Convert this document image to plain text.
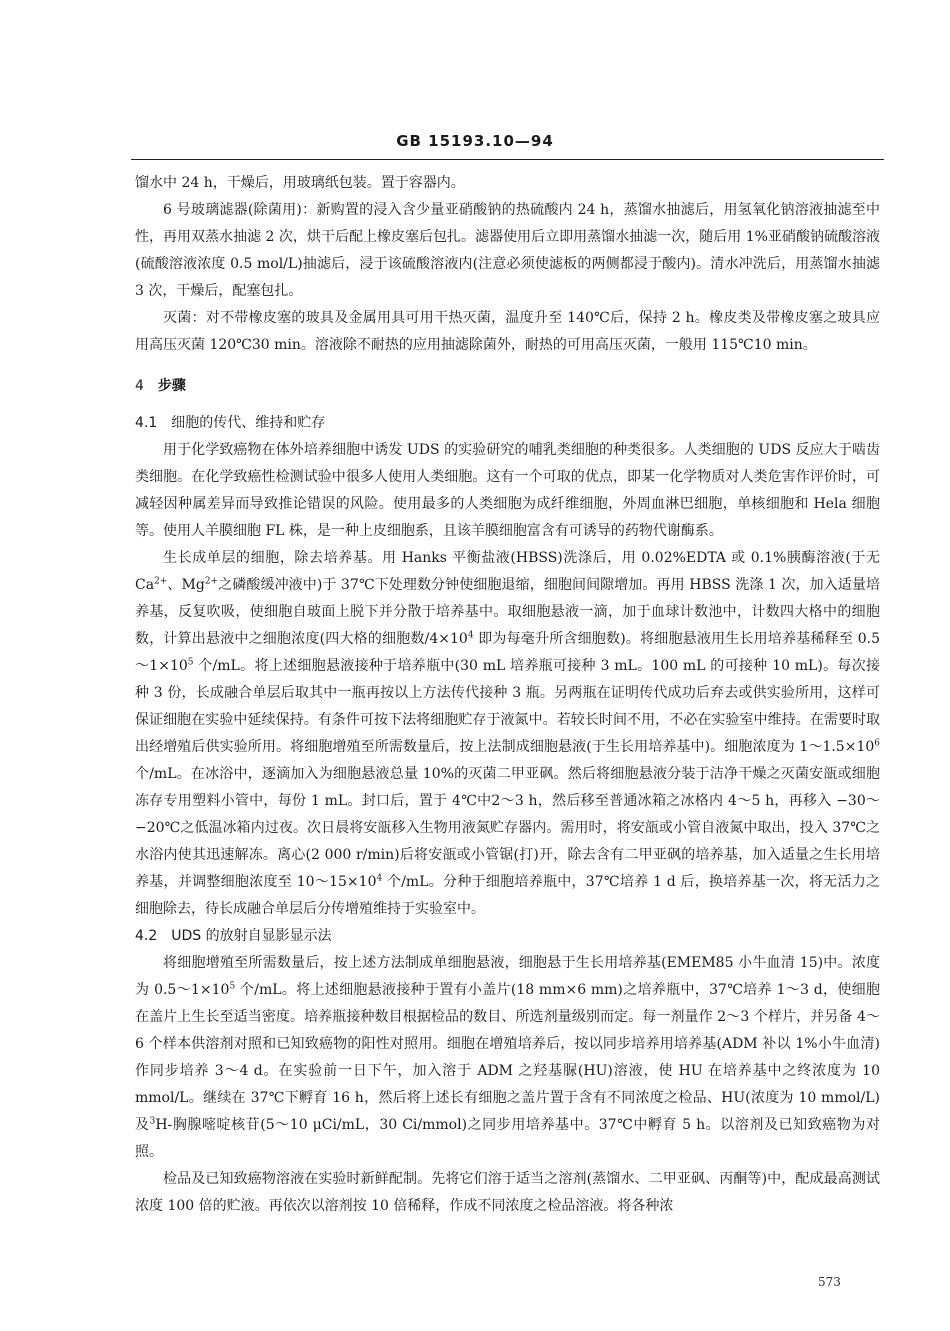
GB 15193.10—94

馏水中 24 h，干燥后，用玻璃纸包装。置于容器内。

6 号玻璃滤器(除菌用)：新购置的浸入含少量亚硝酸钠的热硫酸内 24 h，蒸馏水抽滤后，用氢氧化钠溶液抽滤至中性，再用双蒸水抽滤 2 次，烘干后配上橡皮塞后包扎。滤器使用后立即用蒸馏水抽滤一次，随后用 1%亚硝酸钠硫酸溶液(硫酸溶液浓度 0.5 mol/L)抽滤后，浸于该硫酸溶液内(注意必须使滤板的两侧都浸于酸内)。清水冲洗后，用蒸馏水抽滤 3 次，干燥后，配塞包扎。

灭菌：对不带橡皮塞的玻具及金属用具可用干热灭菌，温度升至 140℃后，保持 2 h。橡皮类及带橡皮塞之玻具应用高压灭菌 120℃30 min。溶液除不耐热的应用抽滤除菌外，耐热的可用高压灭菌，一般用 115℃10 min。

4 步骤

4.1 细胞的传代、维持和贮存

用于化学致癌物在体外培养细胞中诱发 UDS 的实验研究的哺乳类细胞的种类很多。人类细胞的 UDS 反应大于啮齿类细胞。在化学致癌性检测试验中很多人使用人类细胞。这有一个可取的优点，即某一化学物质对人类危害作评价时，可减轻因种属差异而导致推论错误的风险。使用最多的人类细胞为成纤维细胞，外周血淋巴细胞，单核细胞和 Hela 细胞等。使用人羊膜细胞 FL 株，是一种上皮细胞系，且该羊膜细胞富含有可诱导的药物代谢酶系。

生长成单层的细胞，除去培养基。用 Hanks 平衡盐液(HBSS)洗涤后，用 0.02%EDTA 或 0.1%胰酶溶液(于无 $Ca^{2+}$、$Mg^{2+}$之磷酸缓冲液中)于 37℃下处理数分钟使细胞退缩，细胞间间隙增加。再用 HBSS 洗涤 1 次，加入适量培养基，反复吹吸，使细胞自玻面上脱下并分散于培养基中。取细胞悬液一滴，加于血球计数池中，计数四大格中的细胞数，计算出悬液中之细胞浓度(四大格的细胞数$/4\times 10^4$ 即为每毫升所含细胞数)。将细胞悬液用生长用培养基稀释至 $0.5\sim 1\times 10^5$ 个/mL。将上述细胞悬液接种于培养瓶中(30 mL 培养瓶可接种 3 mL。100 mL 的可接种 10 mL)。每次接种 3 份，长成融合单层后取其中一瓶再按以上方法传代接种 3 瓶。另两瓶在证明传代成功后弃去或供实验所用，这样可保证细胞在实验中延续保持。有条件可按下法将细胞贮存于液氮中。若较长时间不用，不必在实验室中维持。在需要时取出经增殖后供实验所用。将细胞增殖至所需数量后，按上法制成细胞悬液(于生长用培养基中)。细胞浓度为 $1\sim 1.5\times 10^6$ 个/mL。在冰浴中，逐滴加入为细胞悬液总量 10%的灭菌二甲亚砜。然后将细胞悬液分装于洁净干燥之灭菌安瓿或细胞冻存专用塑料小管中，每份 1 mL。封口后，置于 4℃中2～3 h，然后移至普通冰箱之冰格内 4～5 h，再移入 −30～−20℃之低温冰箱内过夜。次日晨将安瓿移入生物用液氮贮存器内。需用时，将安瓿或小管自液氮中取出，投入 37℃之水浴内使其迅速解冻。离心(2 000 r/min)后将安瓿或小管锯(打)开，除去含有二甲亚砜的培养基，加入适量之生长用培养基，并调整细胞浓度至 $10\sim 15\times 10^4$ 个/mL。分种于细胞培养瓶中，37℃培养 1 d 后，换培养基一次，将无活力之细胞除去，待长成融合单层后分传增殖维持于实验室中。

4.2 UDS 的放射自显影显示法

将细胞增殖至所需数量后，按上述方法制成单细胞悬液，细胞悬于生长用培养基(EMEM85 小牛血清 15)中。浓度为 $0.5\sim 1\times 10^5$ 个/mL。将上述细胞悬液接种于置有小盖片(18 mm×6 mm)之培养瓶中，37℃培养 1～3 d，使细胞在盖片上生长至适当密度。培养瓶接种数目根据检品的数目、所选剂量级别而定。每一剂量作 2～3 个样片，并另备 4～6 个样本供溶剂对照和已知致癌物的阳性对照用。细胞在增殖培养后，按以同步培养用培养基(ADM 补以 1%小牛血清)作同步培养 3～4 d。在实验前一日下午，加入溶于 ADM 之羟基脲(HU)溶液，使 HU 在培养基中之终浓度为 10 mmol/L。继续在 37℃下孵育 16 h，然后将上述长有细胞之盖片置于含有不同浓度之检品、HU(浓度为 10 mmol/L)及$^3$H-胸腺嘧啶核苷(5～10 μCi/mL，30 Ci/mmol)之同步用培养基中。37℃中孵育 5 h。以溶剂及已知致癌物为对照。

检品及已知致癌物溶液在实验时新鲜配制。先将它们溶于适当之溶剂(蒸馏水、二甲亚砜、丙酮等)中，配成最高测试浓度 100 倍的贮液。再依次以溶剂按 10 倍稀释，作成不同浓度之检品溶液。将各种浓

573
